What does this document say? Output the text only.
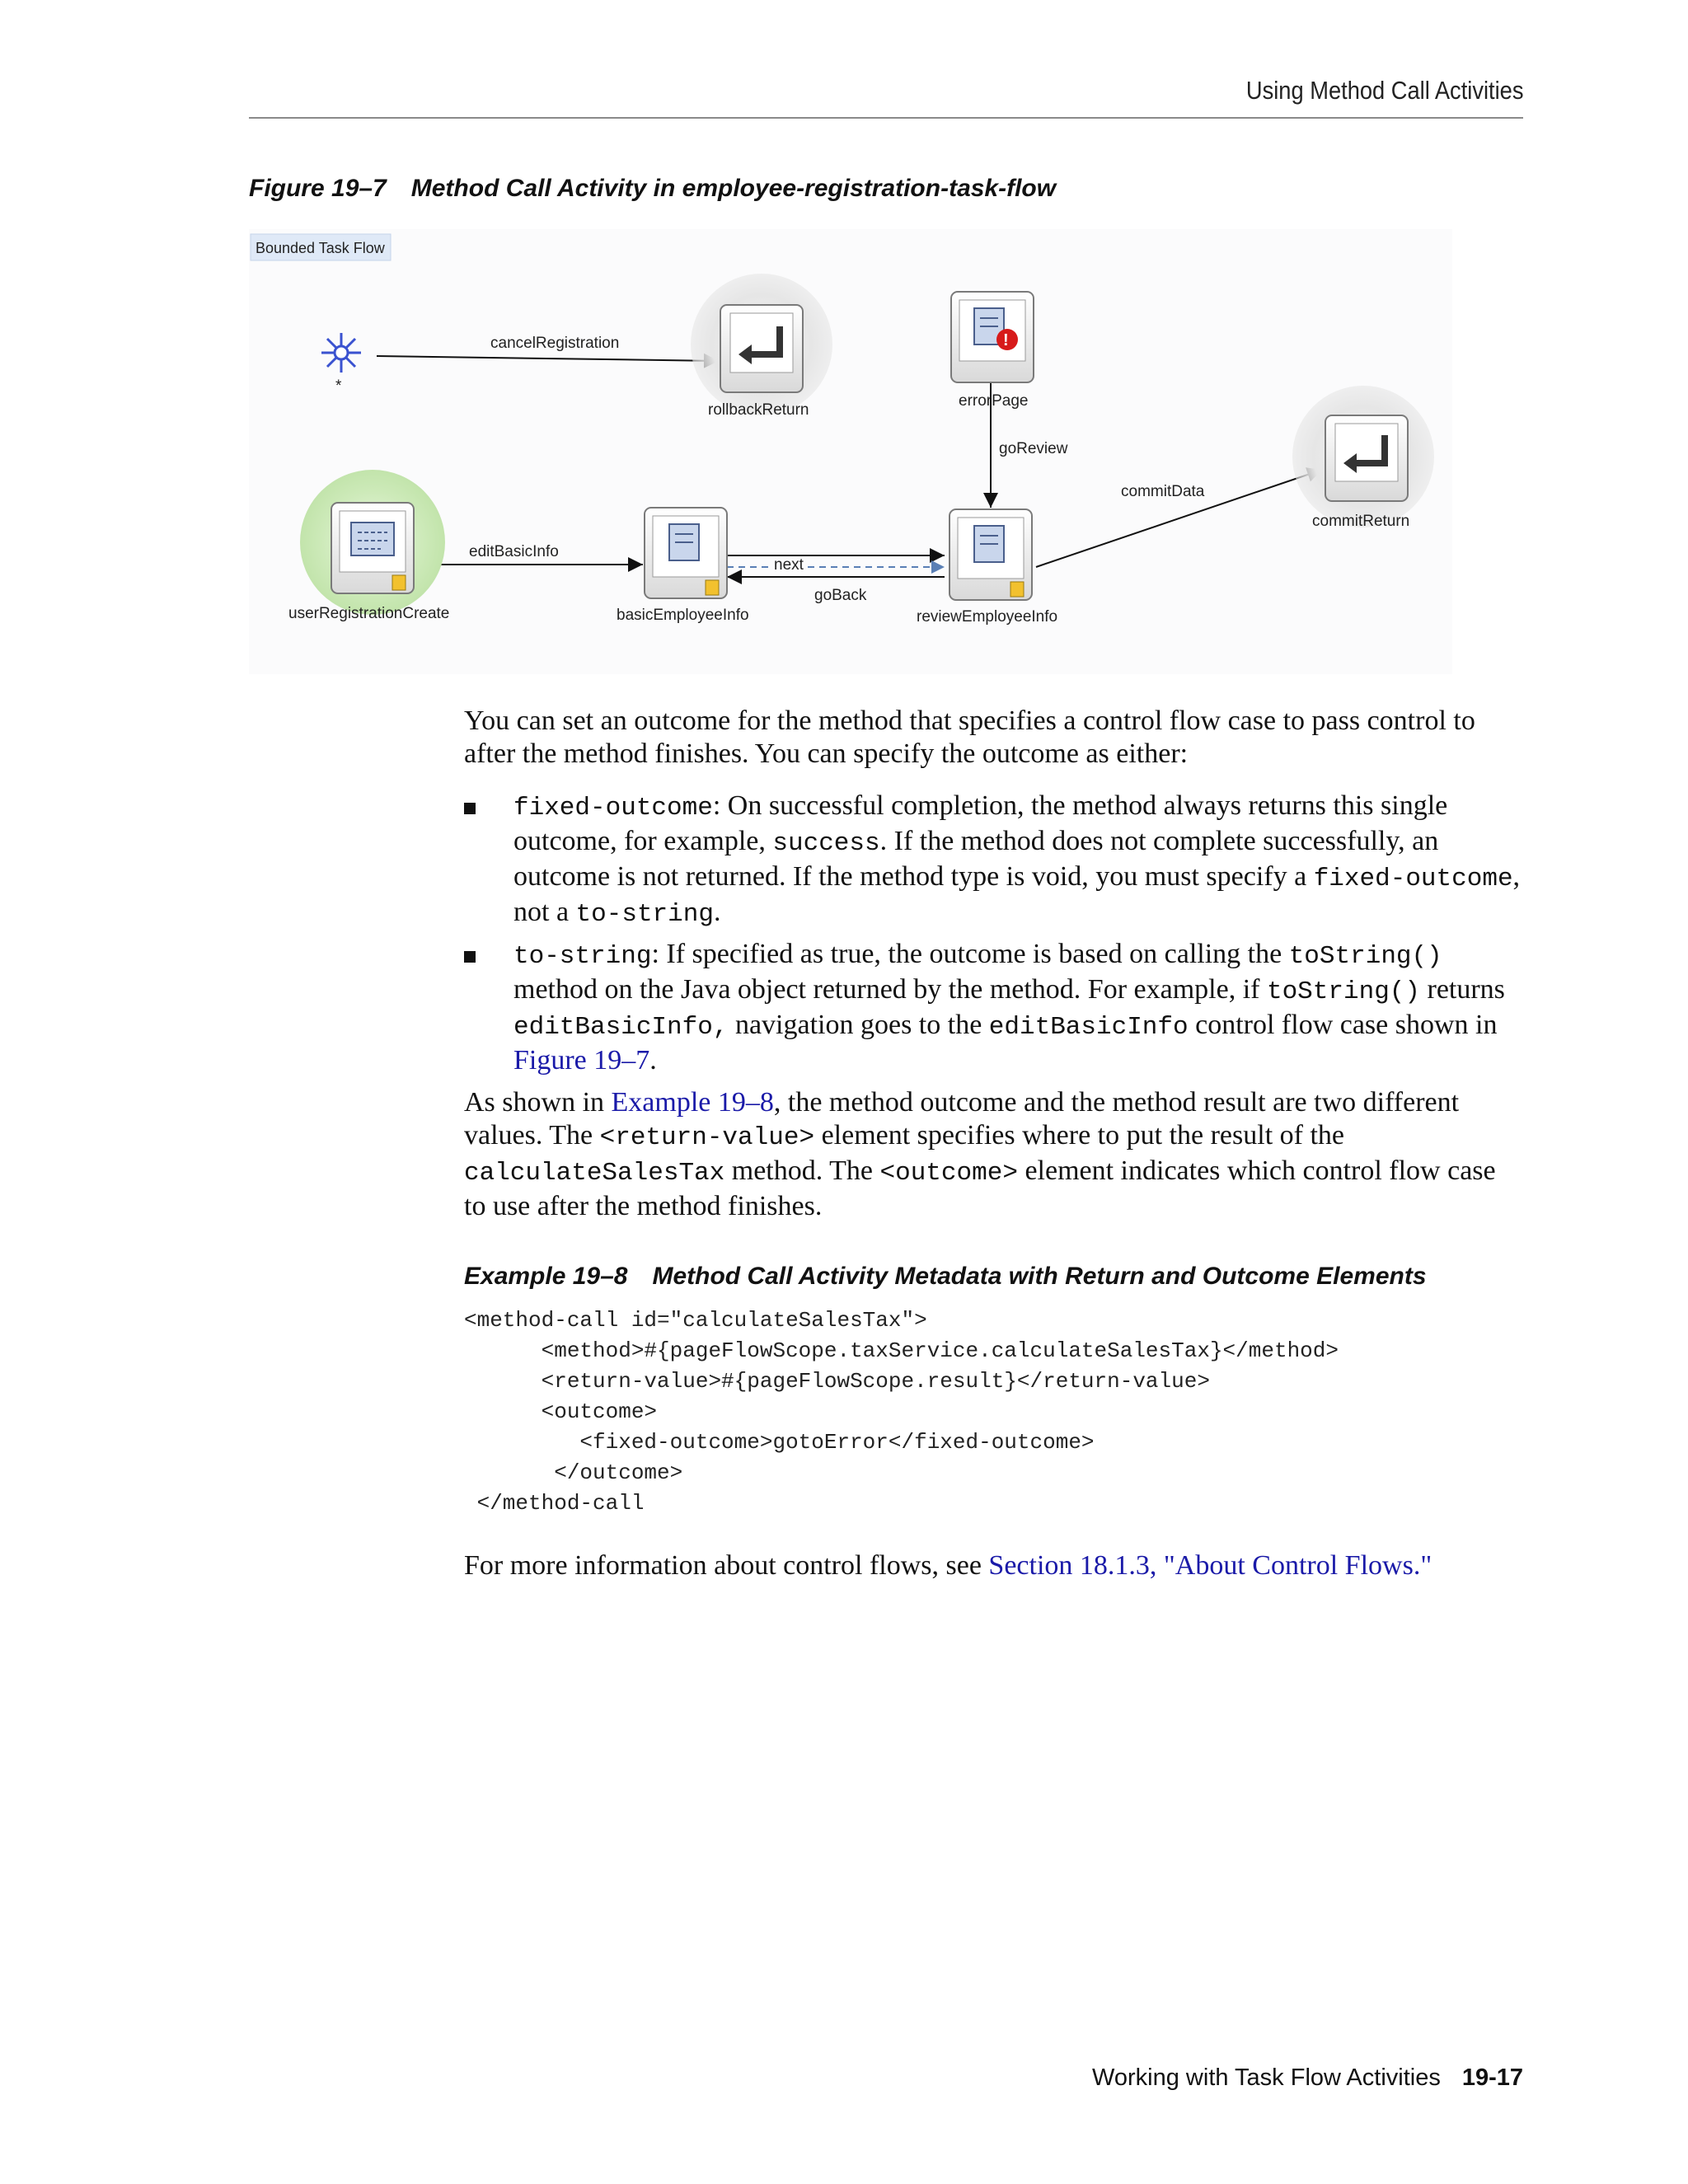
Using Method Call Activities
Figure 19–7 Method Call Activity in employee-registration-task-flow
Bounded Task Flow
*
cancelRegistration
goReview
commitData
editBasicInfo
next
goBack
rollbackReturn
!
errorPage
commitReturn
userRegistrationCreate	basicEmployeeInfo	reviewEmployeeInfo
You can set an outcome for the method that specifies a control flow case to pass control to after the method finishes. You can specify the outcome as either:
fixed-outcome: On successful completion, the method always returns this single outcome, for example, success. If the method does not complete successfully, an outcome is not returned. If the method type is void, you must specify a fixed-outcome, not a to-string.
to-string: If specified as true, the outcome is based on calling the toString() method on the Java object returned by the method. For example, if toString() returns editBasicInfo, navigation goes to the editBasicInfo control flow case shown in Figure 19–7.
As shown in Example 19–8, the method outcome and the method result are two different values. The <return-value> element specifies where to put the result of the calculateSalesTax method. The <outcome> element indicates which control flow case to use after the method finishes.
Example 19–8 Method Call Activity Metadata with Return and Outcome Elements
<method-call id="calculateSalesTax">
<method>#{pageFlowScope.taxService.calculateSalesTax}</method>
<return-value>#{pageFlowScope.result}</return-value>
<outcome>
<fixed-outcome>gotoError</fixed-outcome>
</outcome>
</method-call
For more information about control flows, see Section 18.1.3, "About Control Flows."
Working with Task Flow Activities 19-17
